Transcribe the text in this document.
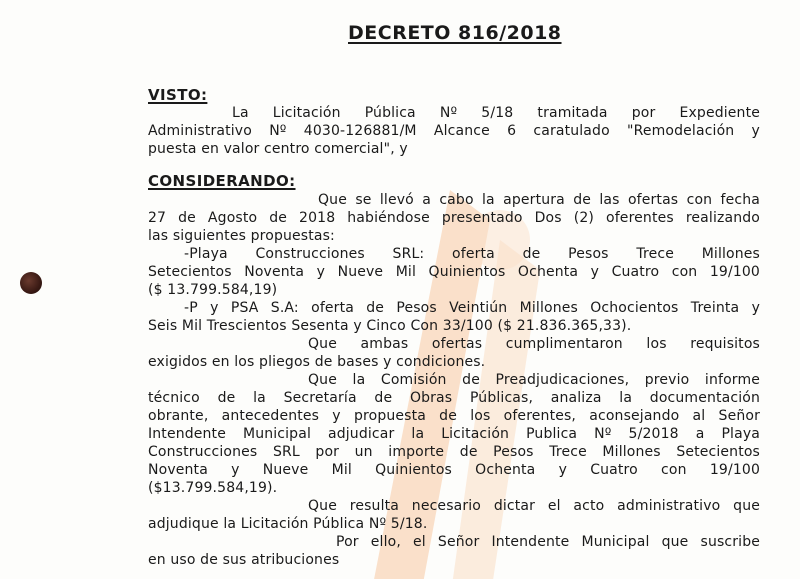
DECRETO 816/2018
VISTO:

La Licitación Pública Nº 5/18 tramitada por Expediente

Administrativo Nº 4030-126881/M Alcance 6 caratulado "Remodelación y

puesta en valor centro comercial", y

CONSIDERANDO:

Que se llevó a cabo la apertura de las ofertas con fecha

27 de Agosto de 2018 habiéndose presentado Dos (2) oferentes realizando

las siguientes propuestas:

-Playa Construcciones SRL: oferta de Pesos Trece Millones

Setecientos Noventa y Nueve Mil Quinientos Ochenta y Cuatro con 19/100

($ 13.799.584,19)

-P y PSA S.A: oferta de Pesos Veintiún Millones Ochocientos Treinta y

Seis Mil Trescientos Sesenta y Cinco Con 33/100 ($ 21.836.365,33).

Que ambas ofertas cumplimentaron los requisitos

exigidos en los pliegos de bases y condiciones.

Que la Comisión de Preadjudicaciones, previo informe

técnico de la Secretaría de Obras Públicas, analiza la documentación

obrante, antecedentes y propuesta de los oferentes, aconsejando al Señor

Intendente Municipal adjudicar la Licitación Publica Nº 5/2018 a Playa

Construcciones SRL por un importe de Pesos Trece Millones Setecientos

Noventa y Nueve Mil Quinientos Ochenta y Cuatro con 19/100

($13.799.584,19).

Que resulta necesario dictar el acto administrativo que

adjudique la Licitación Pública Nº 5/18.

Por ello, el Señor Intendente Municipal que suscribe

en uso de sus atribuciones
